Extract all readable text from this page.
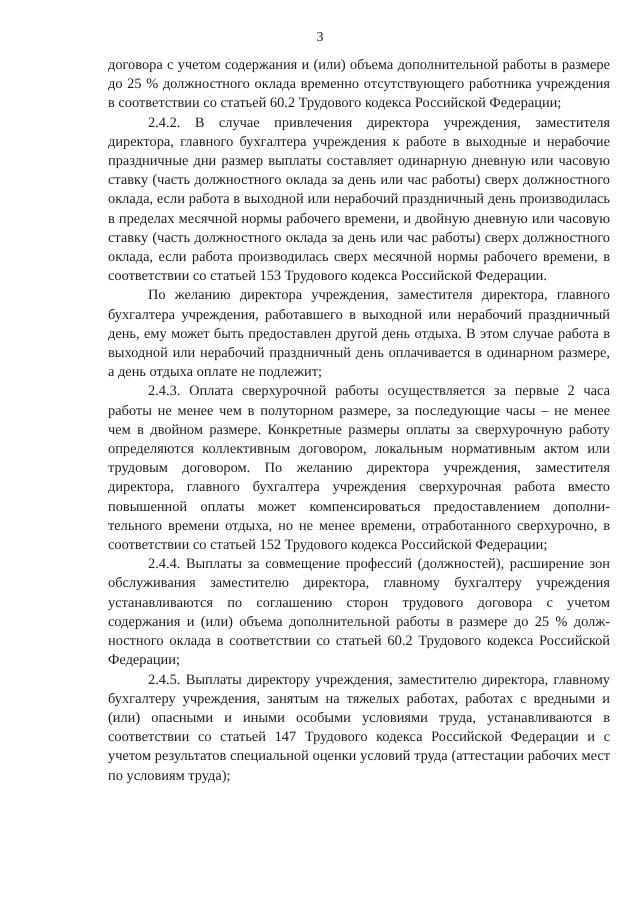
3

договора с учетом содержания и (или) объема дополнительной работы в размере до 25 % должностного оклада временно отсутствующего работника учреждения в соответствии со статьей 60.2 Трудового кодекса Российской Федерации;

2.4.2. В случае привлечения директора учреждения, заместителя директора, главного бухгалтера учреждения к работе в выходные и нерабочие праздничные дни размер выплаты составляет одинарную дневную или часовую ставку (часть должностного оклада за день или час работы) сверх должностного оклада, если работа в выходной или нерабочий праздничный день производилась в пределах месячной нормы рабочего времени, и двойную дневную или часовую ставку (часть должностного оклада за день или час работы) сверх должностного оклада, если работа производилась сверх месячной нормы рабочего времени, в соответствии со статьей 153 Трудового кодекса Российской Федерации.

По желанию директора учреждения, заместителя директора, главного бухгалтера учреждения, работавшего в выходной или нерабочий праздничный день, ему может быть предоставлен другой день отдыха. В этом случае работа в выходной или нерабочий праздничный день оплачивается в одинарном размере, а день отдыха оплате не подлежит;

2.4.3. Оплата сверхурочной работы осуществляется за первые 2 часа работы не менее чем в полуторном размере, за последующие часы – не менее чем в двойном размере. Конкретные размеры оплаты за сверхурочную работу определяются коллективным договором, локальным нормативным актом или трудовым договором. По желанию директора учреждения, заместителя директора, главного бухгалтера учреждения сверхурочная работа вместо повышенной оплаты может компенсироваться предоставлением дополни-тельного времени отдыха, но не менее времени, отработанного сверхурочно, в соответствии со статьей 152 Трудового кодекса Российской Федерации;

2.4.4. Выплаты за совмещение профессий (должностей), расширение зон обслуживания заместителю директора, главному бухгалтеру учреждения устанавливаются по соглашению сторон трудового договора с учетом содержания и (или) объема дополнительной работы в размере до 25 % долж-ностного оклада в соответствии со статьей 60.2 Трудового кодекса Российской Федерации;

2.4.5. Выплаты директору учреждения, заместителю директора, главному бухгалтеру учреждения, занятым на тяжелых работах, работах с вредными и (или) опасными и иными особыми условиями труда, устанавливаются в соответствии со статьей 147 Трудового кодекса Российской Федерации и с учетом результатов специальной оценки условий труда (аттестации рабочих мест по условиям труда);
